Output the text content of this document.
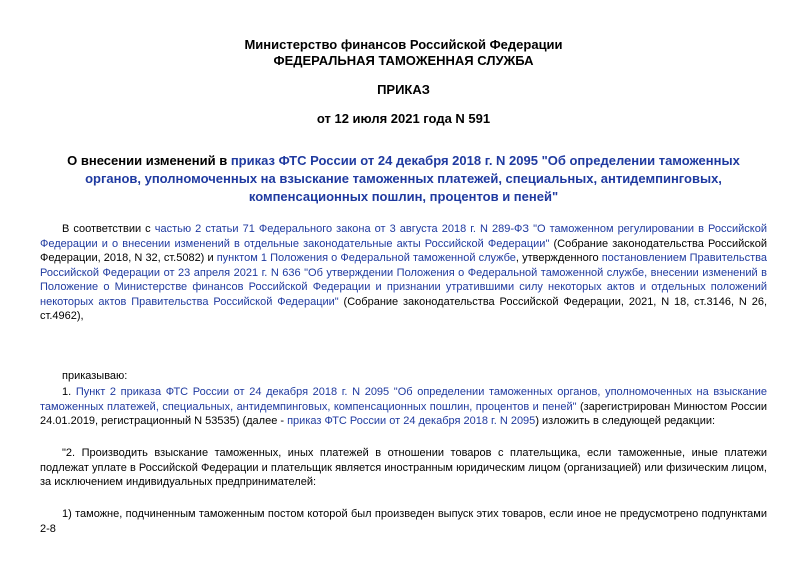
Министерство финансов Российской Федерации

ФЕДЕРАЛЬНАЯ ТАМОЖЕННАЯ СЛУЖБА

ПРИКАЗ

от 12 июля 2021 года N 591

О внесении изменений в приказ ФТС России от 24 декабря 2018 г. N 2095 "Об определении таможенных органов, уполномоченных на взыскание таможенных платежей, специальных, антидемпинговых, компенсационных пошлин, процентов и пеней"

В соответствии с частью 2 статьи 71 Федерального закона от 3 августа 2018 г. N 289-ФЗ "О таможенном регулировании в Российской Федерации и о внесении изменений в отдельные законодательные акты Российской Федерации" (Собрание законодательства Российской Федерации, 2018, N 32, ст.5082) и пунктом 1 Положения о Федеральной таможенной службе, утвержденного постановлением Правительства Российской Федерации от 23 апреля 2021 г. N 636 "Об утверждении Положения о Федеральной таможенной службе, внесении изменений в Положение о Министерстве финансов Российской Федерации и признании утратившими силу некоторых актов и отдельных положений некоторых актов Правительства Российской Федерации" (Собрание законодательства Российской Федерации, 2021, N 18, ст.3146, N 26, ст.4962),

приказываю:

1. Пункт 2 приказа ФТС России от 24 декабря 2018 г. N 2095 "Об определении таможенных органов, уполномоченных на взыскание таможенных платежей, специальных, антидемпинговых, компенсационных пошлин, процентов и пеней" (зарегистрирован Минюстом России 24.01.2019, регистрационный N 53535) (далее - приказ ФТС России от 24 декабря 2018 г. N 2095) изложить в следующей редакции:

"2. Производить взыскание таможенных, иных платежей в отношении товаров с плательщика, если таможенные, иные платежи подлежат уплате в Российской Федерации и плательщик является иностранным юридическим лицом (организацией) или физическим лицом, за исключением индивидуальных предпринимателей:

1) таможне, подчиненным таможенным постом которой был произведен выпуск этих товаров, если иное не предусмотрено подпунктами 2-8
